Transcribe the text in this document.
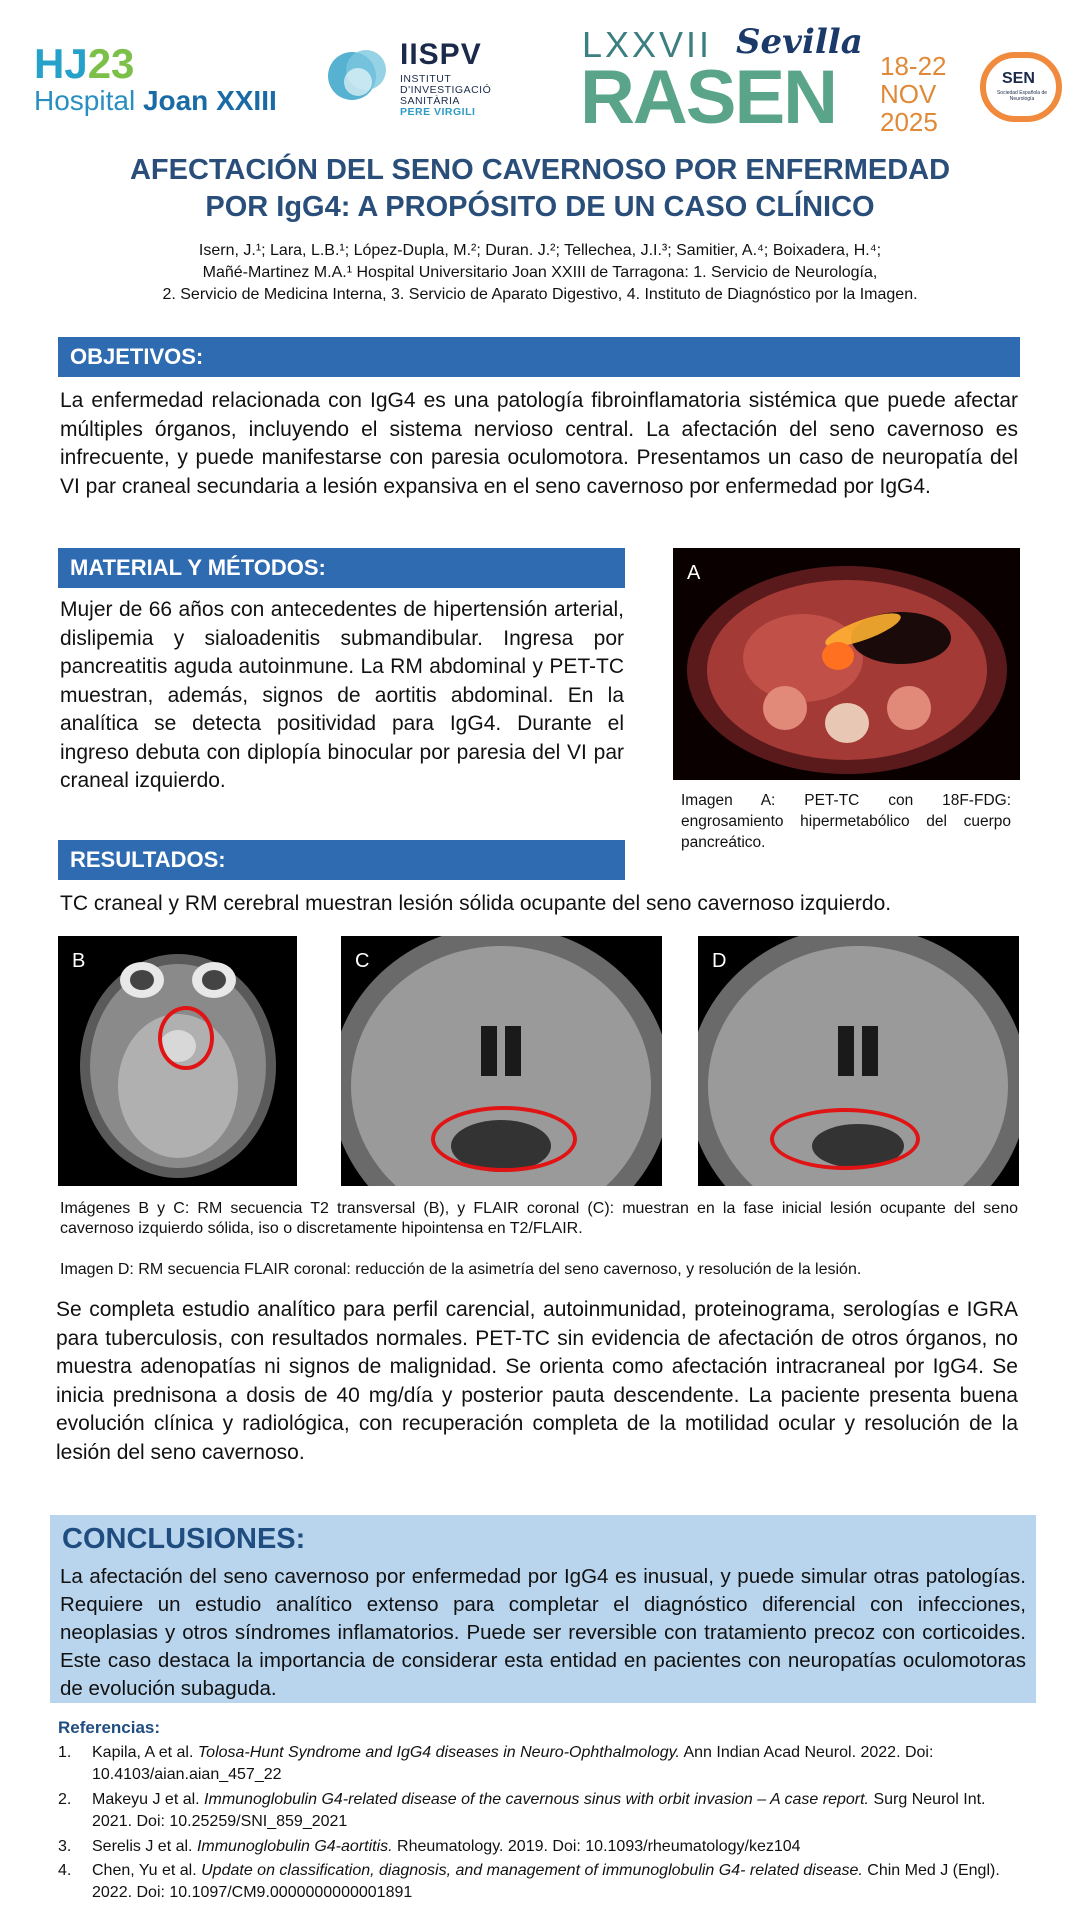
HJ23
Hospital Joan XXIII
IISPV
INSTITUT
D'INVESTIGACIÓ
SANITÀRIA
PERE VIRGILI
LXXVII
RASEN
Sevilla
18-22
NOV
2025
SEN
Sociedad Española de Neurología
AFECTACIÓN DEL SENO CAVERNOSO POR ENFERMEDAD
POR IgG4: A PROPÓSITO DE UN CASO CLÍNICO
Isern, J.¹; Lara, L.B.¹; López-Dupla, M.²; Duran. J.²; Tellechea, J.I.³; Samitier, A.⁴; Boixadera, H.⁴;
Mañé-Martinez M.A.¹ Hospital Universitario Joan XXIII de Tarragona: 1. Servicio de Neurología,
2. Servicio de Medicina Interna, 3. Servicio de Aparato Digestivo, 4. Instituto de Diagnóstico por la Imagen.
OBJETIVOS:
La enfermedad relacionada con IgG4 es una patología fibroinflamatoria sistémica que puede afectar múltiples órganos, incluyendo el sistema nervioso central. La afectación del seno cavernoso es infrecuente, y puede manifestarse con paresia oculomotora. Presentamos un caso de neuropatía del VI par craneal secundaria a lesión expansiva en el seno cavernoso por enfermedad por IgG4.
MATERIAL Y MÉTODOS:
Mujer de 66 años con antecedentes de hipertensión arterial, dislipemia y sialoadenitis submandibular. Ingresa por pancreatitis aguda autoinmune. La RM abdominal y PET-TC muestran, además, signos de aortitis abdominal. En la analítica se detecta positividad para IgG4. Durante el ingreso debuta con diplopía binocular por paresia del VI par craneal izquierdo.
A
Imagen A: PET-TC con 18F-FDG: engrosamiento hipermetabólico del cuerpo pancreático.
RESULTADOS:
TC craneal y RM cerebral muestran lesión sólida ocupante del seno cavernoso izquierdo.
B	C	D
Imágenes B y C: RM secuencia T2 transversal (B), y FLAIR coronal (C): muestran en la fase inicial lesión ocupante del seno cavernoso izquierdo sólida, iso o discretamente hipointensa en T2/FLAIR.
Imagen D: RM secuencia FLAIR coronal: reducción de la asimetría del seno cavernoso, y resolución de la lesión.
Se completa estudio analítico para perfil carencial, autoinmunidad, proteinograma, serologías e IGRA para tuberculosis, con resultados normales. PET-TC sin evidencia de afectación de otros órganos, no muestra adenopatías ni signos de malignidad. Se orienta como afectación intracraneal por IgG4. Se inicia prednisona a dosis de 40 mg/día y posterior pauta descendente. La paciente presenta buena evolución clínica y radiológica, con recuperación completa de la motilidad ocular y resolución de la lesión del seno cavernoso.
CONCLUSIONES:
La afectación del seno cavernoso por enfermedad por IgG4 es inusual, y puede simular otras patologías. Requiere un estudio analítico extenso para completar el diagnóstico diferencial con infecciones, neoplasias y otros síndromes inflamatorios. Puede ser reversible con tratamiento precoz con corticoides. Este caso destaca la importancia de considerar esta entidad en pacientes con neuropatías oculomotoras de evolución subaguda.
Referencias:
1. Kapila, A et al. Tolosa-Hunt Syndrome and IgG4 diseases in Neuro-Ophthalmology. Ann Indian Acad Neurol. 2022. Doi: 10.4103/aian.aian_457_22
2. Makeyu J et al. Immunoglobulin G4-related disease of the cavernous sinus with orbit invasion – A case report. Surg Neurol Int. 2021. Doi: 10.25259/SNI_859_2021
3. Serelis J et al. Immunoglobulin G4-aortitis. Rheumatology. 2019. Doi: 10.1093/rheumatology/kez104
4. Chen, Yu et al. Update on classification, diagnosis, and management of immunoglobulin G4- related disease. Chin Med J (Engl). 2022. Doi: 10.1097/CM9.0000000000001891
